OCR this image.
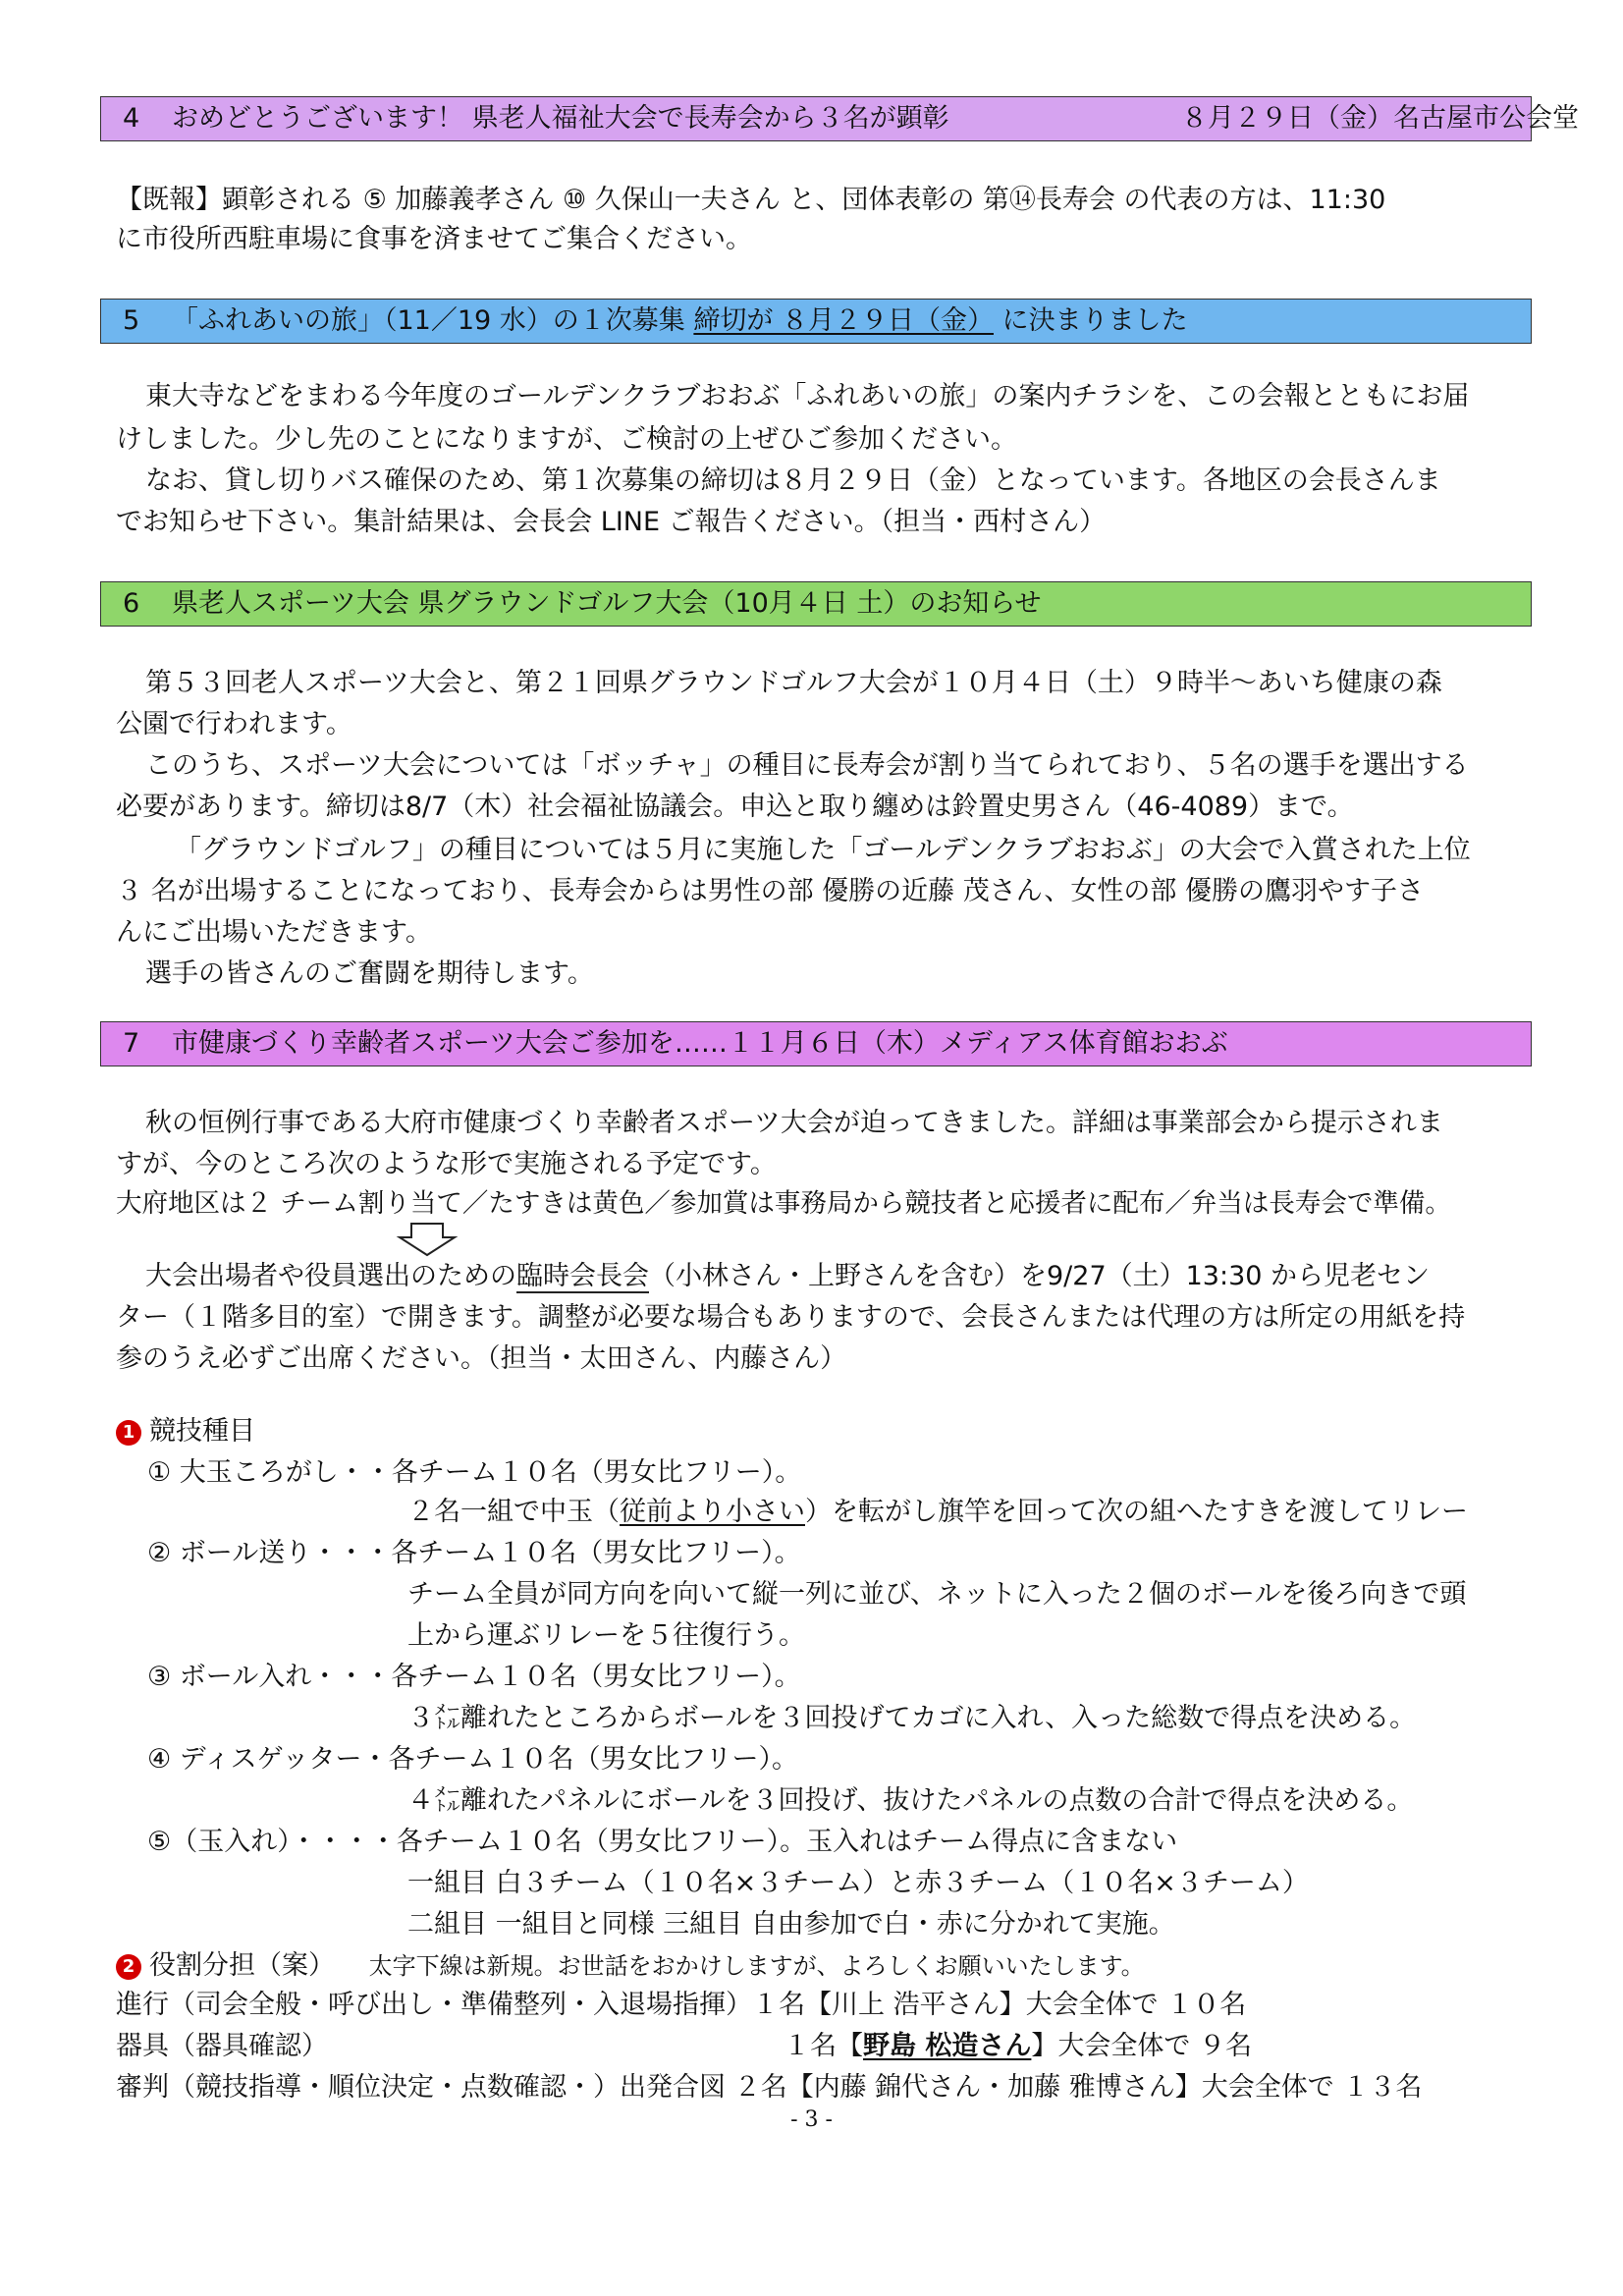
4 おめどとうございます！ 県老人福祉大会で長寿会から３名が顕彰	８月２９日（金）名古屋市公会堂
【既報】顕彰される ⑤ 加藤義孝さん ⑩ 久保山一夫さん と、団体表彰の 第⑭長寿会 の代表の方は、11:30
に市役所西駐車場に食事を済ませてご集合ください。
5 「ふれあいの旅」（11／19 水）の１次募集 締切が ８月２９日（金） に決まりました
東大寺などをまわる今年度のゴールデンクラブおおぶ「ふれあいの旅」の案内チラシを、この会報とともにお届
けしました。少し先のことになりますが、ご検討の上ぜひご参加ください。
なお、貸し切りバス確保のため、第１次募集の締切は８月２９日（金）となっています。各地区の会長さんま
でお知らせ下さい。集計結果は、会長会 LINE ご報告ください。（担当・西村さん）
6 県老人スポーツ大会 県グラウンドゴルフ大会（10月４日 土）のお知らせ
第５３回老人スポーツ大会と、第２１回県グラウンドゴルフ大会が１０月４日（土）９時半〜あいち健康の森
公園で行われます。
このうち、スポーツ大会については「ボッチャ」の種目に長寿会が割り当てられており、５名の選手を選出する
必要があります。締切は8/7（木）社会福祉協議会。申込と取り纏めは鈴置史男さん（46-4089）まで。
「グラウンドゴルフ」の種目については５月に実施した「ゴールデンクラブおおぶ」の大会で入賞された上位
３ 名が出場することになっており、長寿会からは男性の部 優勝の近藤 茂さん、女性の部 優勝の鷹羽やす子さ
んにご出場いただきます。
選手の皆さんのご奮闘を期待します。
7 市健康づくり幸齢者スポーツ大会ご参加を……１１月６日（木）メディアス体育館おおぶ
秋の恒例行事である大府市健康づくり幸齢者スポーツ大会が迫ってきました。詳細は事業部会から提示されま
すが、今のところ次のような形で実施される予定です。
大府地区は２ チーム割り当て／たすきは黄色／参加賞は事務局から競技者と応援者に配布／弁当は長寿会で準備。
大会出場者や役員選出のための臨時会長会（小林さん・上野さんを含む）を9/27（土）13:30 から児老セン
ター（１階多目的室）で開きます。調整が必要な場合もありますので、会長さんまたは代理の方は所定の用紙を持
参のうえ必ずご出席ください。（担当・太田さん、内藤さん）
1 競技種目
① 大玉ころがし・・各チーム１０名（男女比フリー）。
２名一組で中玉（従前より小さい）を転がし旗竿を回って次の組へたすきを渡してリレー
② ボール送り・・・各チーム１０名（男女比フリー）。
チーム全員が同方向を向いて縦一列に並び、ネットに入った２個のボールを後ろ向きで頭
上から運ぶリレーを５往復行う。
③ ボール入れ・・・各チーム１０名（男女比フリー）。
３㍍離れたところからボールを３回投げてカゴに入れ、入った総数で得点を決める。
④ ディスゲッター・各チーム１０名（男女比フリー）。
４㍍離れたパネルにボールを３回投げ、抜けたパネルの点数の合計で得点を決める。
⑤（玉入れ）・・・・各チーム１０名（男女比フリー）。玉入れはチーム得点に含まない
一組目 白３チーム（１０名×３チーム）と赤３チーム（１０名×３チーム）
二組目 一組目と同様 三組目 自由参加で白・赤に分かれて実施。
2 役割分担（案） 太字下線は新規。お世話をおかけしますが、よろしくお願いいたします。
進行（司会全般・呼び出し・準備整列・入退場指揮）１名【川上 浩平さん】大会全体で １０名
器具（器具確認）	１名【野島 松造さん】大会全体で ９名
審判（競技指導・順位決定・点数確認・）出発合図 ２名【内藤 錦代さん・加藤 雅博さん】大会全体で １３名
- 3 -
